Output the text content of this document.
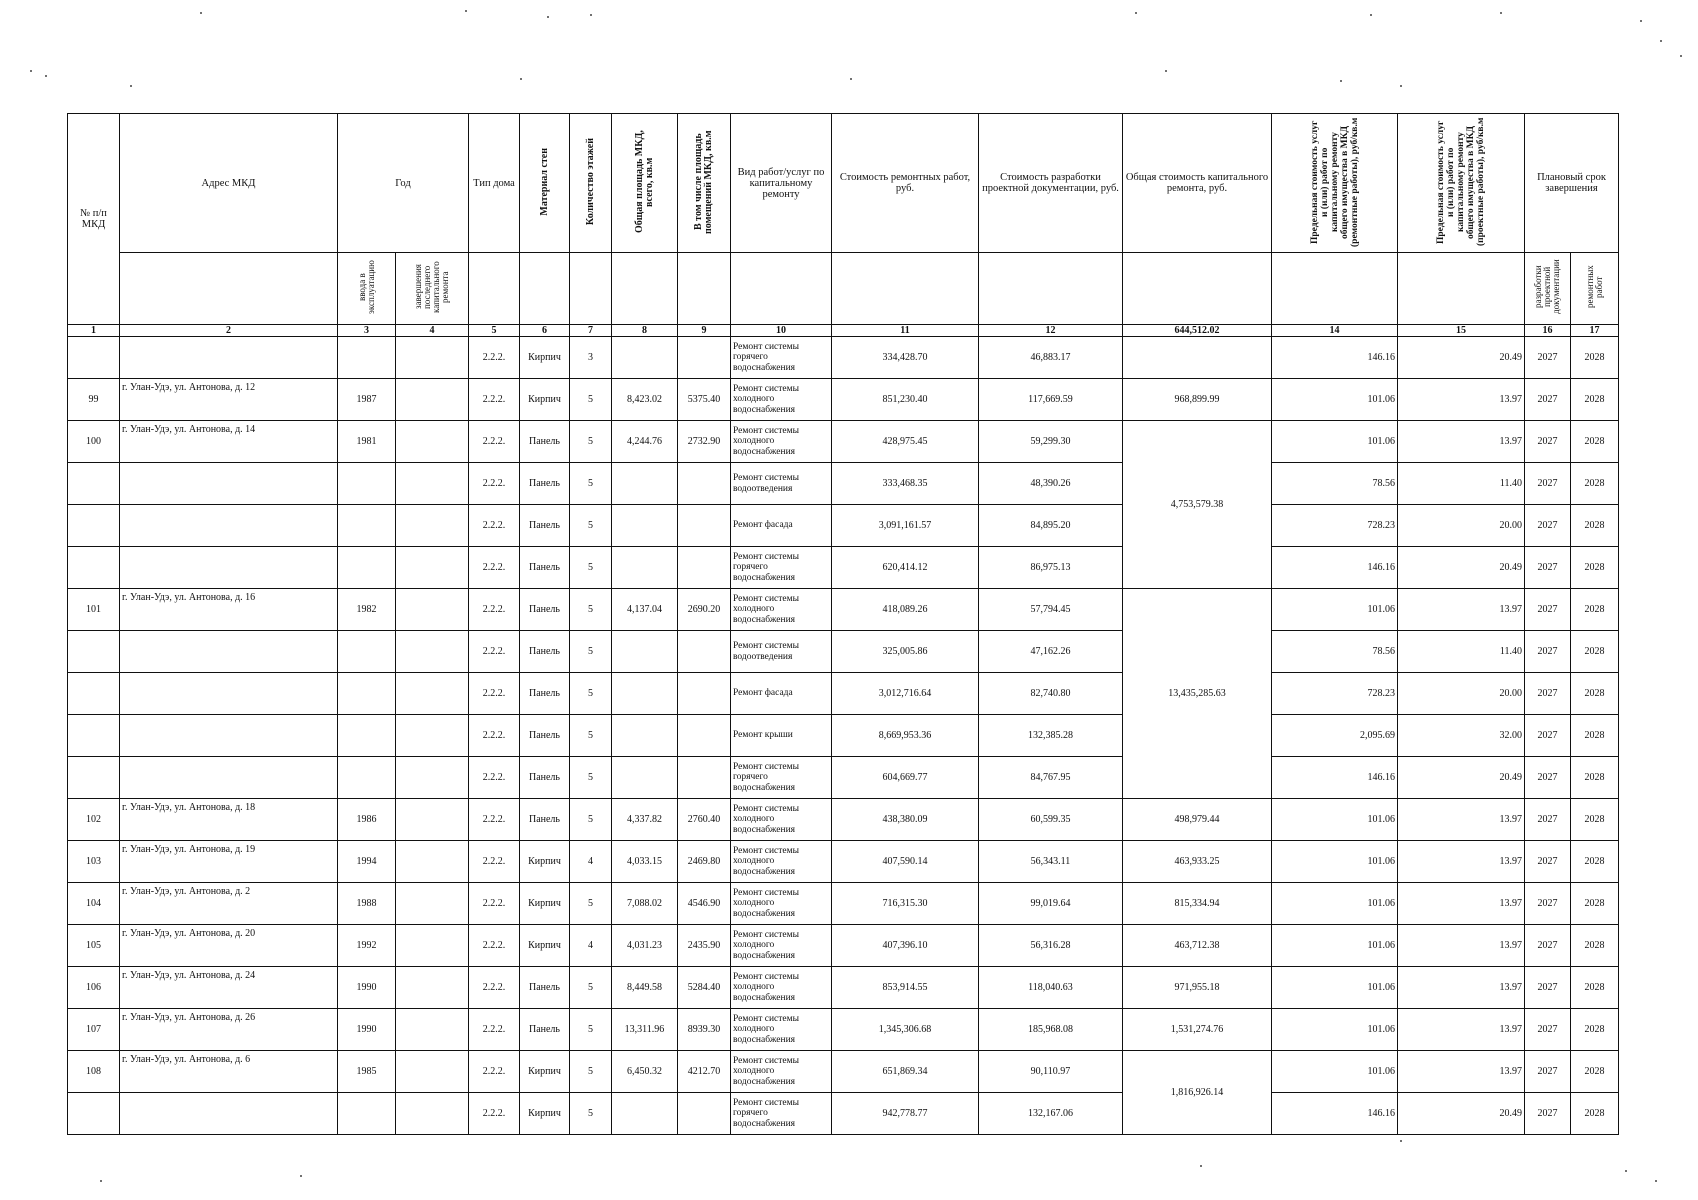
№ п/п МКД	Адрес МКД	Год		Тип дома	Материал стен	Количество этажей	Общая площадь МКД, всего, кв.м	В том числе площадь помещений МКД, кв.м	Вид работ/услуг по капитальному ремонту	Стоимость ремонтных работ, руб.	Стоимость разработки проектной документации, руб.	Общая стоимость капитального ремонта, руб.	Предельная стоимость услуг и (или) работ по капитальному ремонту общего имущества в МКД (ремонтные работы), руб/кв.м	Предельная стоимость услуг и (или) работ по капитальному ремонту общего имущества в МКД (проектные работы), руб/кв.м	Плановый срок завершения	
		ввода в эксплуатацию	завершения последнего капитального ремонта												разработки проектной документации	ремонтных работ
1	2	3	4	5	6	7	8	9	10	11	12	644,512.02	14	15	16	17
				2.2.2.	Кирпич	3			Ремонт системы горячего водоснабжения	334,428.70	46,883.17		146.16	20.49	2027	2028
99	г. Улан-Удэ, ул. Антонова, д. 12	1987		2.2.2.	Кирпич	5	8,423.02	5375.40	Ремонт системы холодного водоснабжения	851,230.40	117,669.59	968,899.99	101.06	13.97	2027	2028
100	г. Улан-Удэ, ул. Антонова, д. 14	1981		2.2.2.	Панель	5	4,244.76	2732.90	Ремонт системы холодного водоснабжения	428,975.45	59,299.30	4,753,579.38	101.06	13.97	2027	2028
				2.2.2.	Панель	5			Ремонт системы водоотведения	333,468.35	48,390.26		78.56	11.40	2027	2028
				2.2.2.	Панель	5			Ремонт фасада	3,091,161.57	84,895.20		728.23	20.00	2027	2028
				2.2.2.	Панель	5			Ремонт системы горячего водоснабжения	620,414.12	86,975.13		146.16	20.49	2027	2028
101	г. Улан-Удэ, ул. Антонова, д. 16	1982		2.2.2.	Панель	5	4,137.04	2690.20	Ремонт системы холодного водоснабжения	418,089.26	57,794.45	13,435,285.63	101.06	13.97	2027	2028
				2.2.2.	Панель	5			Ремонт системы водоотведения	325,005.86	47,162.26		78.56	11.40	2027	2028
				2.2.2.	Панель	5			Ремонт фасада	3,012,716.64	82,740.80		728.23	20.00	2027	2028
				2.2.2.	Панель	5			Ремонт крыши	8,669,953.36	132,385.28		2,095.69	32.00	2027	2028
				2.2.2.	Панель	5			Ремонт системы горячего водоснабжения	604,669.77	84,767.95		146.16	20.49	2027	2028
102	г. Улан-Удэ, ул. Антонова, д. 18	1986		2.2.2.	Панель	5	4,337.82	2760.40	Ремонт системы холодного водоснабжения	438,380.09	60,599.35	498,979.44	101.06	13.97	2027	2028
103	г. Улан-Удэ, ул. Антонова, д. 19	1994		2.2.2.	Кирпич	4	4,033.15	2469.80	Ремонт системы холодного водоснабжения	407,590.14	56,343.11	463,933.25	101.06	13.97	2027	2028
104	г. Улан-Удэ, ул. Антонова, д. 2	1988		2.2.2.	Кирпич	5	7,088.02	4546.90	Ремонт системы холодного водоснабжения	716,315.30	99,019.64	815,334.94	101.06	13.97	2027	2028
105	г. Улан-Удэ, ул. Антонова, д. 20	1992		2.2.2.	Кирпич	4	4,031.23	2435.90	Ремонт системы холодного водоснабжения	407,396.10	56,316.28	463,712.38	101.06	13.97	2027	2028
106	г. Улан-Удэ, ул. Антонова, д. 24	1990		2.2.2.	Панель	5	8,449.58	5284.40	Ремонт системы холодного водоснабжения	853,914.55	118,040.63	971,955.18	101.06	13.97	2027	2028
107	г. Улан-Удэ, ул. Антонова, д. 26	1990		2.2.2.	Панель	5	13,311.96	8939.30	Ремонт системы холодного водоснабжения	1,345,306.68	185,968.08	1,531,274.76	101.06	13.97	2027	2028
108	г. Улан-Удэ, ул. Антонова, д. 6	1985		2.2.2.	Кирпич	5	6,450.32	4212.70	Ремонт системы холодного водоснабжения	651,869.34	90,110.97	1,816,926.14	101.06	13.97	2027	2028
				2.2.2.	Кирпич	5			Ремонт системы горячего водоснабжения	942,778.77	132,167.06		146.16	20.49	2027	2028
